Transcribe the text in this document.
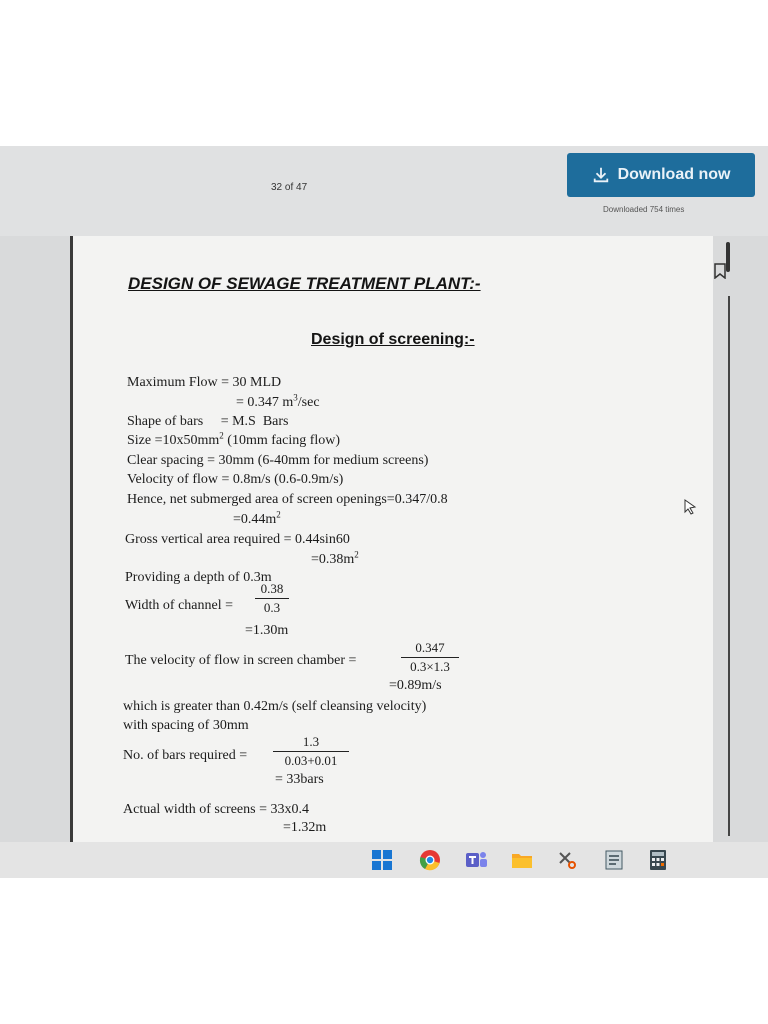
32 of 47
Download now
Downloaded 754 times
DESIGN OF SEWAGE TREATMENT PLANT:-
Design of screening:-
Maximum Flow = 30 MLD
= 0.347 $m^3/\sec$
Shape of bars     = M.S  Bars
Size $=10x50mm^2$ (10mm facing flow)
Clear spacing = 30mm (6-40mm for medium screens)
Velocity of flow = 0.8m/s (0.6-0.9m/s)
Hence, net submerged area of screen openings=0.347/0.8
$=0.44m^2$
Gross vertical area required = 0.44sin60
$=0.38m^2$
Providing a depth of 0.3m
Width of channel =
0.38
0.3
=1.30m
The velocity of flow in screen chamber =
0.347
0.3×1.3
=0.89m/s
which is greater than 0.42m/s (self cleansing velocity)
with spacing of 30mm
No. of bars required =
1.3
0.03+0.01
= 33bars
Actual width of screens = 33x0.4
=1.32m
